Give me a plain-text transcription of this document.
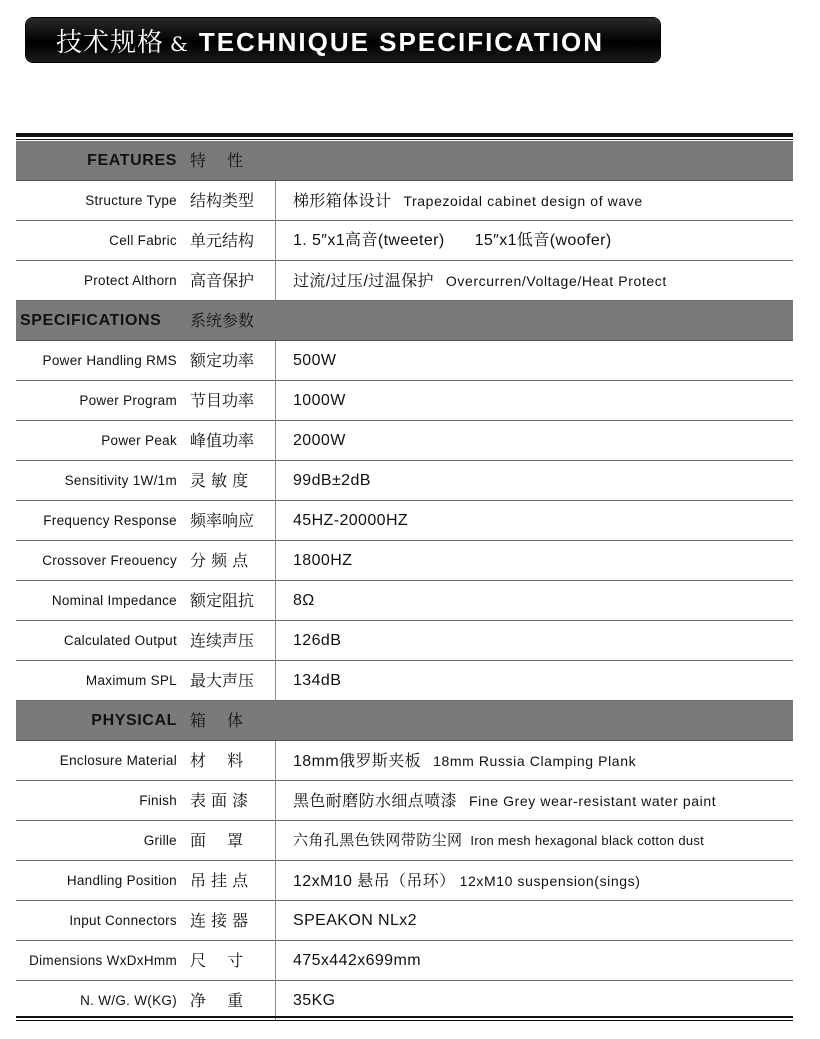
技术规格 & TECHNIQUE SPECIFICATION
FEATURES 特　 性
Structure Type 结构类型 梯形箱体设计 Trapezoidal cabinet design of wave
Cell Fabric 单元结构 1. 5″x1高音(tweeter) 15″x1低音(woofer)
Protect Althorn 高音保护 过流/过压/过温保护 Overcurren/Voltage/Heat Protect
SPECIFICATIONS 系统参数
Power Handling RMS 额定功率 500W
Power Program 节目功率 1000W
Power Peak 峰值功率 2000W
Sensitivity 1W/1m 灵 敏 度	99dB±2dB
Frequency Response 频率响应 45HZ-20000HZ
Crossover Freouency 分 频 点	1800HZ
Nominal Impedance 额定阻抗 8Ω
Calculated Output 连续声压 126dB
Maximum SPL 最大声压 134dB
PHYSICAL 箱　 体
Enclosure Material 材　 料	18mm俄罗斯夹板 18mm Russia Clamping Plank
Finish 表 面 漆	黑色耐磨防水细点喷漆 Fine Grey wear-resistant water paint
Grille 面　 罩	六角孔黑色铁网带防尘网 Iron mesh hexagonal black cotton dust
Handling Position 吊 挂 点	12xM10 悬吊（吊环） 12xM10 suspension(sings)
Input Connectors 连 接 器	SPEAKON NLx2
Dimensions WxDxHmm 尺　 寸	475x442x699mm
N. W/G. W(KG) 净　 重	35KG
